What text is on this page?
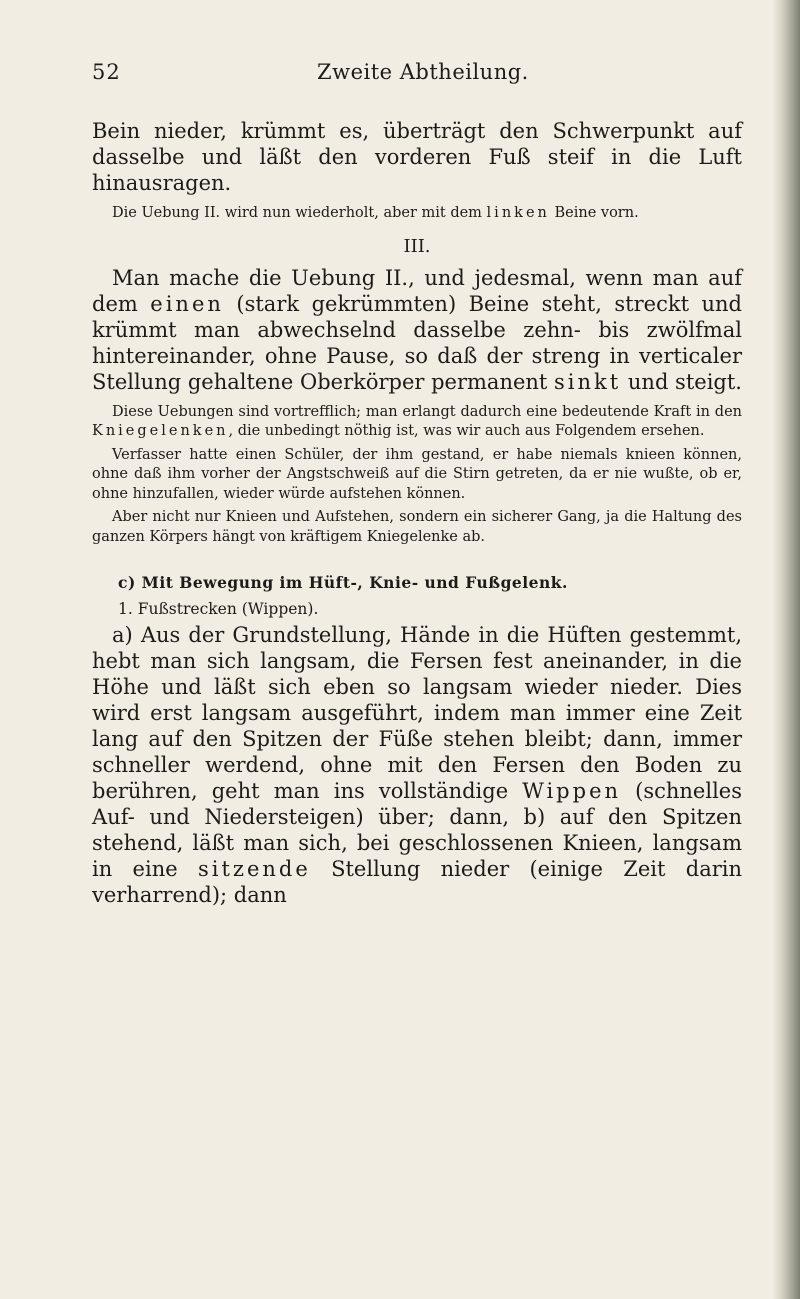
52	Zweite Abtheilung.

Bein nieder, krümmt es, überträgt den Schwerpunkt auf dasselbe und läßt den vorderen Fuß steif in die Luft hinausragen.

Die Uebung II. wird nun wiederholt, aber mit dem linken Beine vorn.

III.

Man mache die Uebung II., und jedesmal, wenn man auf dem einen (stark gekrümmten) Beine steht, streckt und krümmt man abwechselnd dasselbe zehn- bis zwölfmal hintereinander, ohne Pause, so daß der streng in verticaler Stellung gehaltene Oberkörper permanent sinkt und steigt.

Diese Uebungen sind vortrefflich; man erlangt dadurch eine bedeutende Kraft in den Kniegelenken, die unbedingt nöthig ist, was wir auch aus Folgendem ersehen.

Verfasser hatte einen Schüler, der ihm gestand, er habe niemals knieen können, ohne daß ihm vorher der Angstschweiß auf die Stirn getreten, da er nie wußte, ob er, ohne hinzufallen, wieder würde aufstehen können.

Aber nicht nur Knieen und Aufstehen, sondern ein sicherer Gang, ja die Haltung des ganzen Körpers hängt von kräftigem Kniegelenke ab.

c) Mit Bewegung im Hüft-, Knie- und Fußgelenk.
1. Fußstrecken (Wippen).

a) Aus der Grundstellung, Hände in die Hüften gestemmt, hebt man sich langsam, die Fersen fest aneinander, in die Höhe und läßt sich eben so langsam wieder nieder. Dies wird erst langsam ausgeführt, indem man immer eine Zeit lang auf den Spitzen der Füße stehen bleibt; dann, immer schneller werdend, ohne mit den Fersen den Boden zu berühren, geht man ins vollständige Wippen (schnelles Auf- und Niedersteigen) über; dann, b) auf den Spitzen stehend, läßt man sich, bei geschlossenen Knieen, langsam in eine sitzende Stellung nieder (einige Zeit darin verharrend); dann
